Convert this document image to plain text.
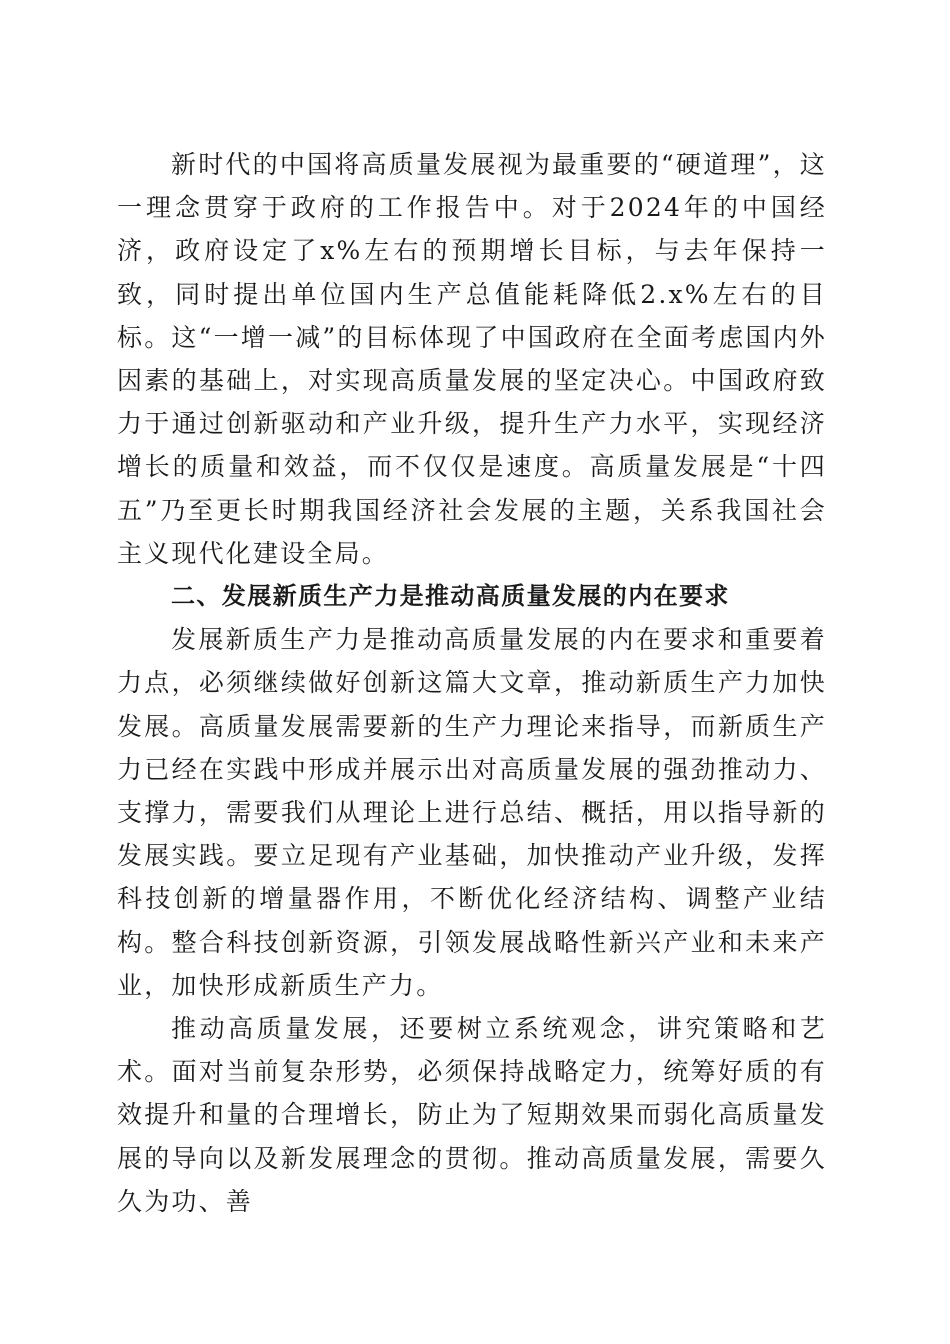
新时代的中国将高质量发展视为最重要的“硬道理”，这一理念贯穿于政府的工作报告中。对于2024年的中国经济，政府设定了x%左右的预期增长目标，与去年保持一致，同时提出单位国内生产总值能耗降低2.x%左右的目标。这“一增一减”的目标体现了中国政府在全面考虑国内外因素的基础上，对实现高质量发展的坚定决心。中国政府致力于通过创新驱动和产业升级，提升生产力水平，实现经济增长的质量和效益，而不仅仅是速度。高质量发展是“十四五”乃至更长时期我国经济社会发展的主题，关系我国社会主义现代化建设全局。

二、发展新质生产力是推动高质量发展的内在要求

发展新质生产力是推动高质量发展的内在要求和重要着力点，必须继续做好创新这篇大文章，推动新质生产力加快发展。高质量发展需要新的生产力理论来指导，而新质生产力已经在实践中形成并展示出对高质量发展的强劲推动力、支撑力，需要我们从理论上进行总结、概括，用以指导新的发展实践。要立足现有产业基础，加快推动产业升级，发挥科技创新的增量器作用，不断优化经济结构、调整产业结构。整合科技创新资源，引领发展战略性新兴产业和未来产业，加快形成新质生产力。

推动高质量发展，还要树立系统观念，讲究策略和艺术。面对当前复杂形势，必须保持战略定力，统筹好质的有效提升和量的合理增长，防止为了短期效果而弱化高质量发展的导向以及新发展理念的贯彻。推动高质量发展，需要久久为功、善
